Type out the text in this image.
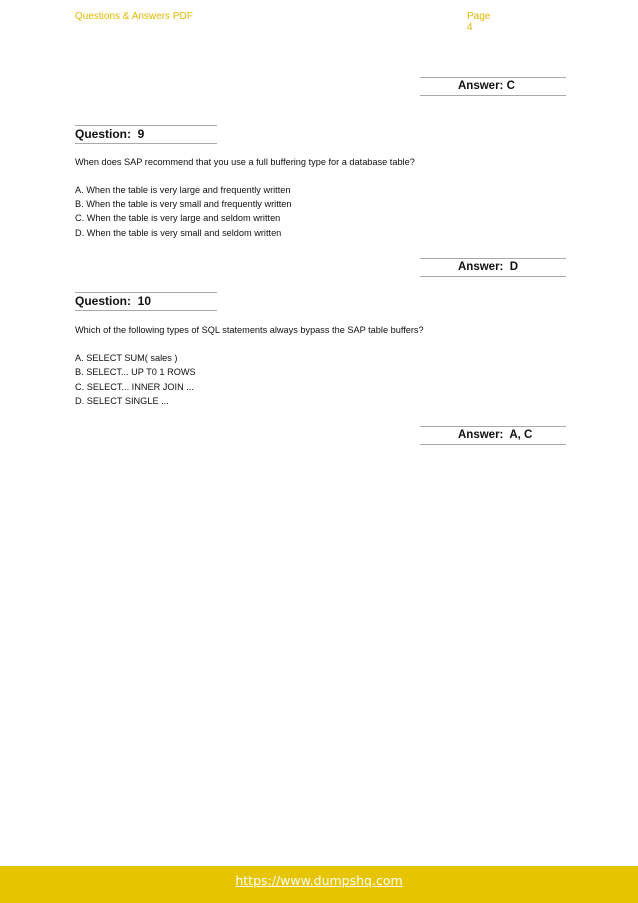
Questions & Answers PDF	Page 4
Answer: C
Question:  9
When does SAP recommend that you use a full buffering type for a database table?
A. When the table is very large and frequently written
B. When the table is very small and frequently written
C. When the table is very large and seldom written
D. When the table is very small and seldom written
Answer:  D
Question:  10
Which of the following types of SQL statements always bypass the SAP table buffers?
A. SELECT SUM( sales )
B. SELECT... UP T0 1 ROWS
C. SELECT... INNER JOIN ...
D. SELECT SINGLE ...
Answer:  A, C
https://www.dumpshq.com
